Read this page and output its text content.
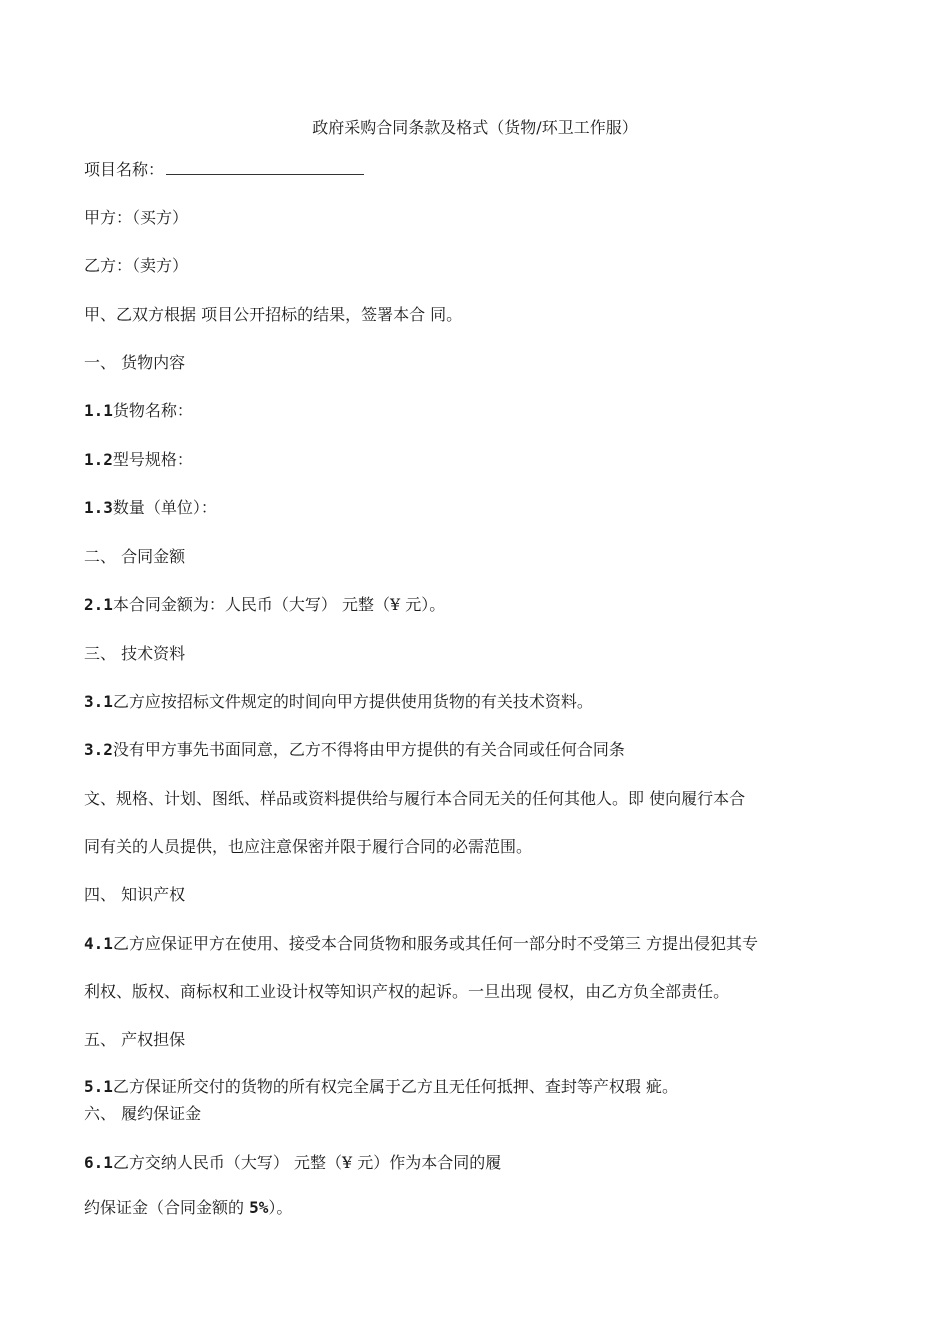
政府采购合同条款及格式（货物/环卫工作服）
项目名称：
甲方：（买方）
乙方：（卖方）
甲、乙双方根据 项目公开招标的结果，签署本合 同。
一、 货物内容
1.1货物名称：
1.2型号规格：
1.3数量（单位）：
二、 合同金额
2.1本合同金额为：人民币（大写） 元整（¥ 元）。
三、 技术资料
3.1乙方应按招标文件规定的时间向甲方提供使用货物的有关技术资料。
3.2没有甲方事先书面同意，乙方不得将由甲方提供的有关合同或任何合同条
文、规格、计划、图纸、样品或资料提供给与履行本合同无关的任何其他人。即 使向履行本合
同有关的人员提供，也应注意保密并限于履行合同的必需范围。
四、 知识产权
4.1乙方应保证甲方在使用、接受本合同货物和服务或其任何一部分时不受第三 方提出侵犯其专
利权、版权、商标权和工业设计权等知识产权的起诉。一旦出现 侵权，由乙方负全部责任。
五、 产权担保
5.1乙方保证所交付的货物的所有权完全属于乙方且无任何抵押、查封等产权瑕 疵。
六、 履约保证金
6.1乙方交纳人民币（大写） 元整（¥ 元）作为本合同的履
约保证金（合同金额的 5%）。
